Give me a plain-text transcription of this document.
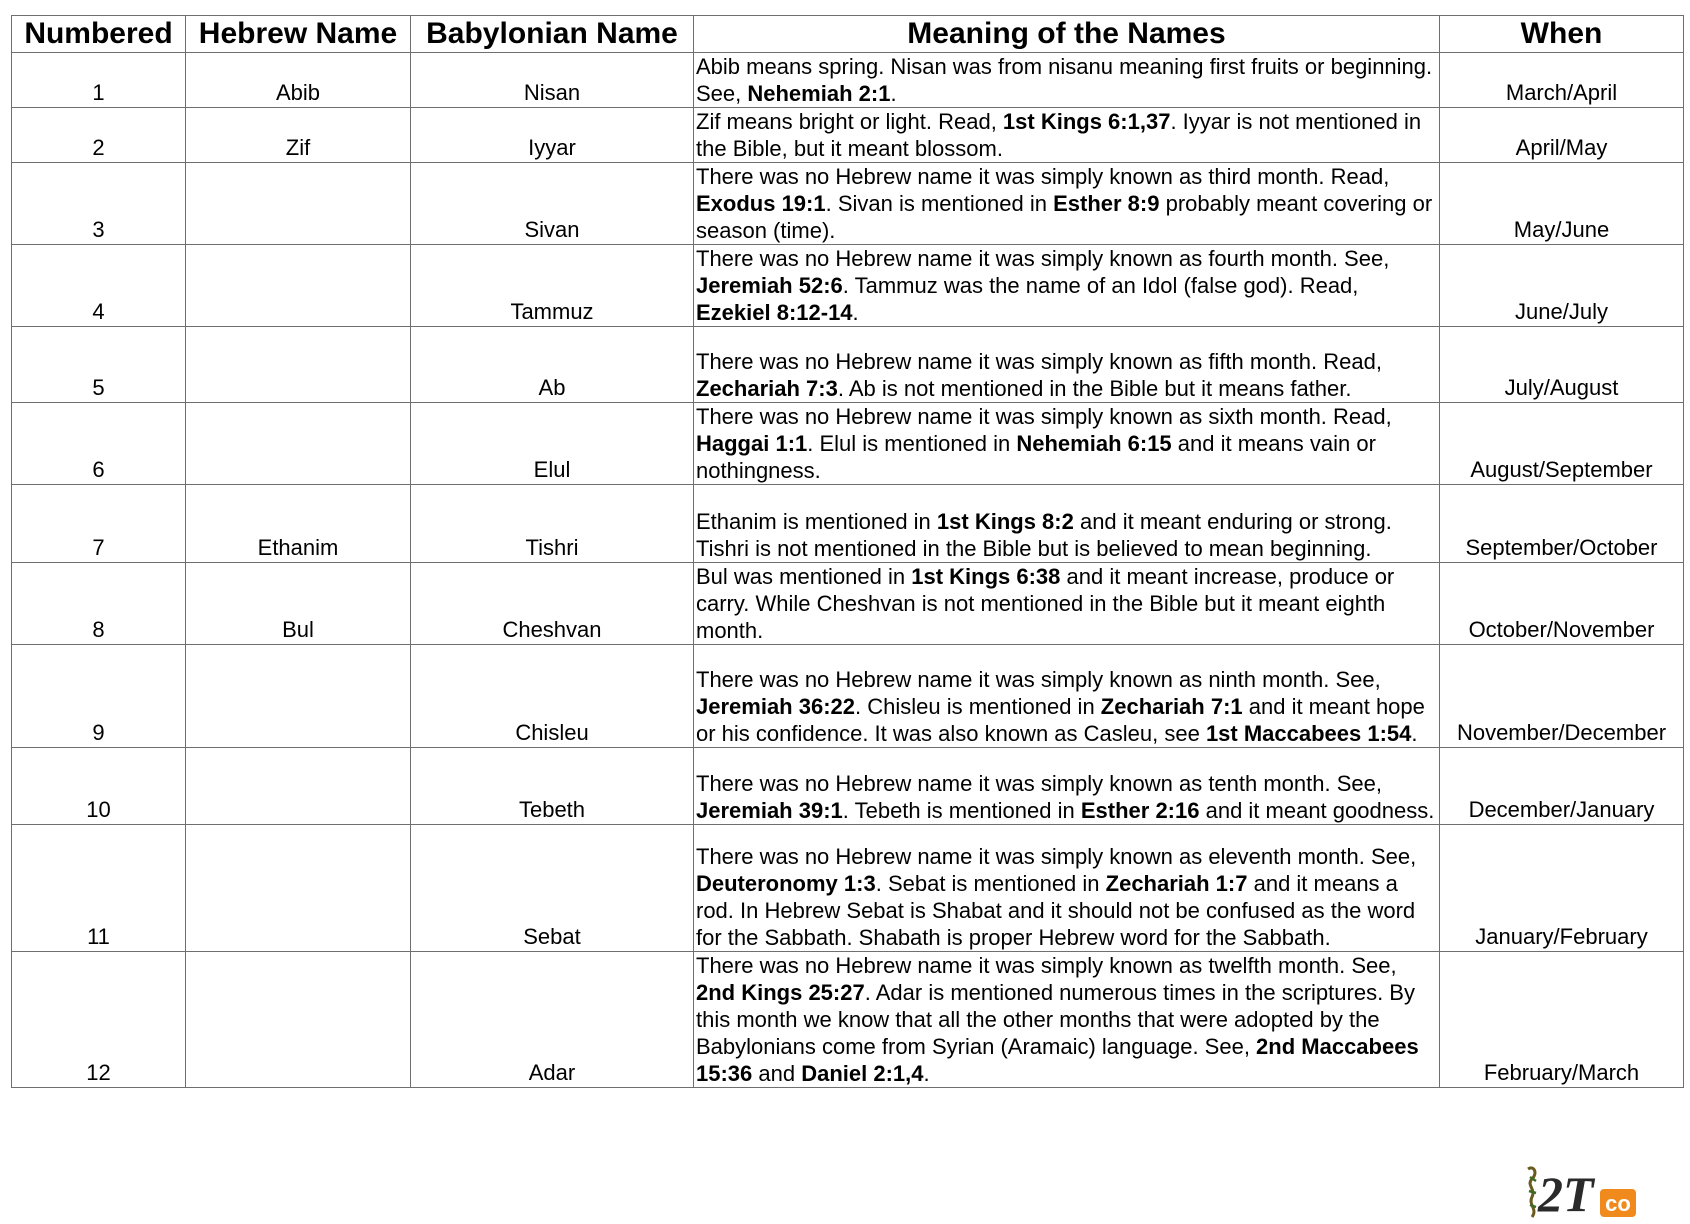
Numbered	Hebrew Name	Babylonian Name	Meaning of the Names	When
1	Abib	Nisan	Abib means spring. Nisan was from nisanu meaning first fruits or beginning. See, Nehemiah 2:1.	March/April
2	Zif	Iyyar	Zif means bright or light. Read, 1st Kings 6:1,37. Iyyar is not mentioned in the Bible, but it meant blossom.	April/May
3		Sivan	There was no Hebrew name it was simply known as third month. Read, Exodus 19:1. Sivan is mentioned in Esther 8:9 probably meant covering or season (time).	May/June
4		Tammuz	There was no Hebrew name it was simply known as fourth month. See, Jeremiah 52:6. Tammuz was the name of an Idol (false god). Read, Ezekiel 8:12-14.	June/July
5		Ab	There was no Hebrew name it was simply known as fifth month. Read, Zechariah 7:3. Ab is not mentioned in the Bible but it means father.	July/August
6		Elul	There was no Hebrew name it was simply known as sixth month. Read, Haggai 1:1. Elul is mentioned in Nehemiah 6:15 and it means vain or nothingness.	August/September
7	Ethanim	Tishri	Ethanim is mentioned in 1st Kings 8:2 and it meant enduring or strong. Tishri is not mentioned in the Bible but is believed to mean beginning.	September/October
8	Bul	Cheshvan	Bul was mentioned in 1st Kings 6:38 and it meant increase, produce or carry. While Cheshvan is not mentioned in the Bible but it meant eighth month.	October/November
9		Chisleu	There was no Hebrew name it was simply known as ninth month. See, Jeremiah 36:22. Chisleu is mentioned in Zechariah 7:1 and it meant hope or his confidence. It was also known as Casleu, see 1st Maccabees 1:54.	November/December
10		Tebeth	There was no Hebrew name it was simply known as tenth month. See, Jeremiah 39:1. Tebeth is mentioned in Esther 2:16 and it meant goodness.	December/January
11		Sebat	There was no Hebrew name it was simply known as eleventh month. See, Deuteronomy 1:3. Sebat is mentioned in Zechariah 1:7 and it means a rod. In Hebrew Sebat is Shabat and it should not be confused as the word for the Sabbath. Shabath is proper Hebrew word for the Sabbath.	January/February
12		Adar	There was no Hebrew name it was simply known as twelfth month. See, 2nd Kings 25:27. Adar is mentioned numerous times in the scriptures. By this month we know that all the other months that were adopted by the Babylonians come from Syrian (Aramaic) language. See, 2nd Maccabees 15:36 and Daniel 2:1,4.	February/March
2T co
